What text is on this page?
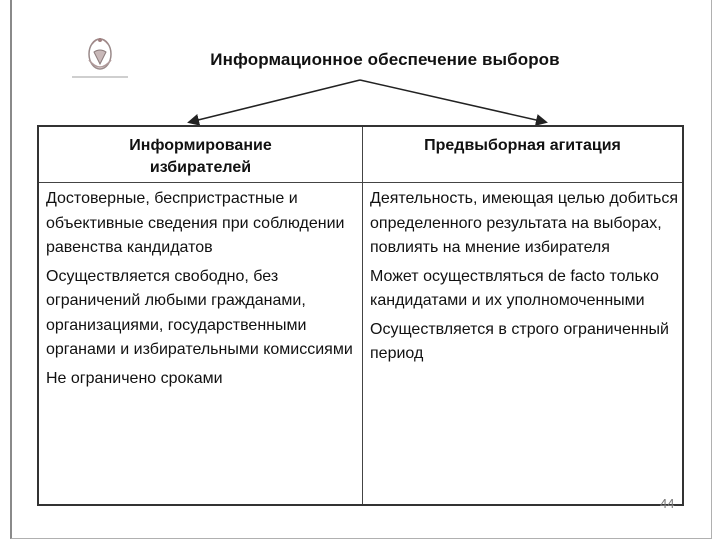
Информационное обеспечение выборов
Информирование
избирателей
Предвыборная агитация

Достоверные, беспристрастные и объективные сведения при соблюдении равенства кандидатов

Осуществляется свободно, без ограничений любыми гражданами, организациями, государственными органами и избирательными комиссиями

Не ограничено сроками

Деятельность, имеющая целью добиться определенного результата на выборах, повлиять на мнение избирателя

Может осуществляться de facto только кандидатами и их уполномоченными

Осуществляется в строго ограниченный период

44
